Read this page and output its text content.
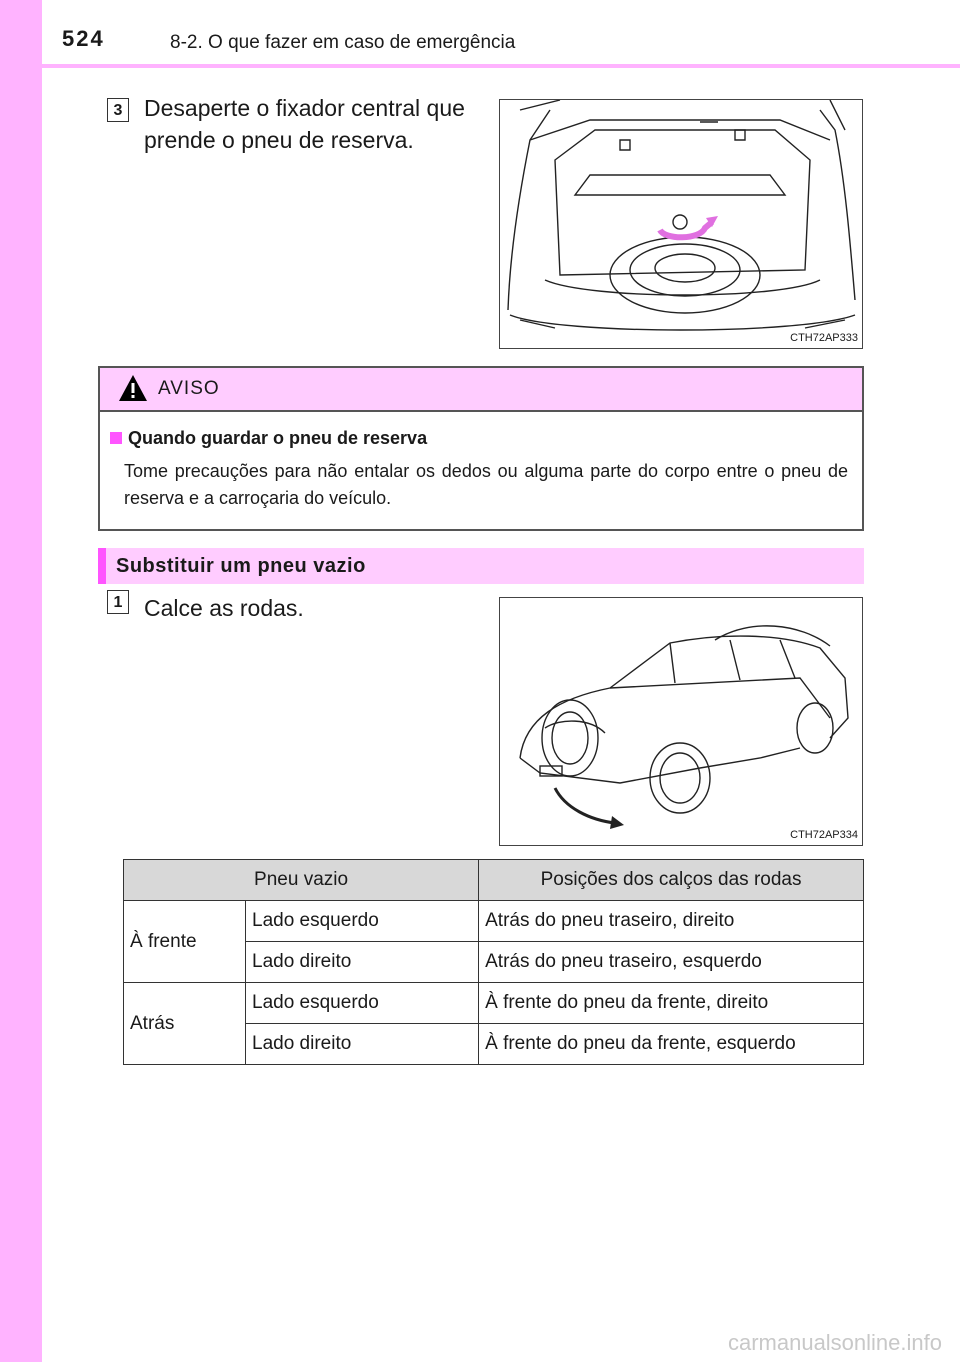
524	8-2. O que fazer em caso de emergência
3 Desaperte o fixador central que
prende o pneu de reserva.
CTH72AP333
AVISO
Quando guardar o pneu de reserva
Tome precauções para não entalar os dedos ou alguma parte do corpo entre o pneu de reserva e a carroçaria do veículo.
Substituir um pneu vazio
1 Calce as rodas.
CTH72AP334
Pneu vazio		Posições dos calços das rodas
À frente	Lado esquerdo	Atrás do pneu traseiro, direito
	Lado direito	Atrás do pneu traseiro, esquerdo
Atrás	Lado esquerdo	À frente do pneu da frente, direito
	Lado direito	À frente do pneu da frente, esquerdo
carmanualsonline.info
